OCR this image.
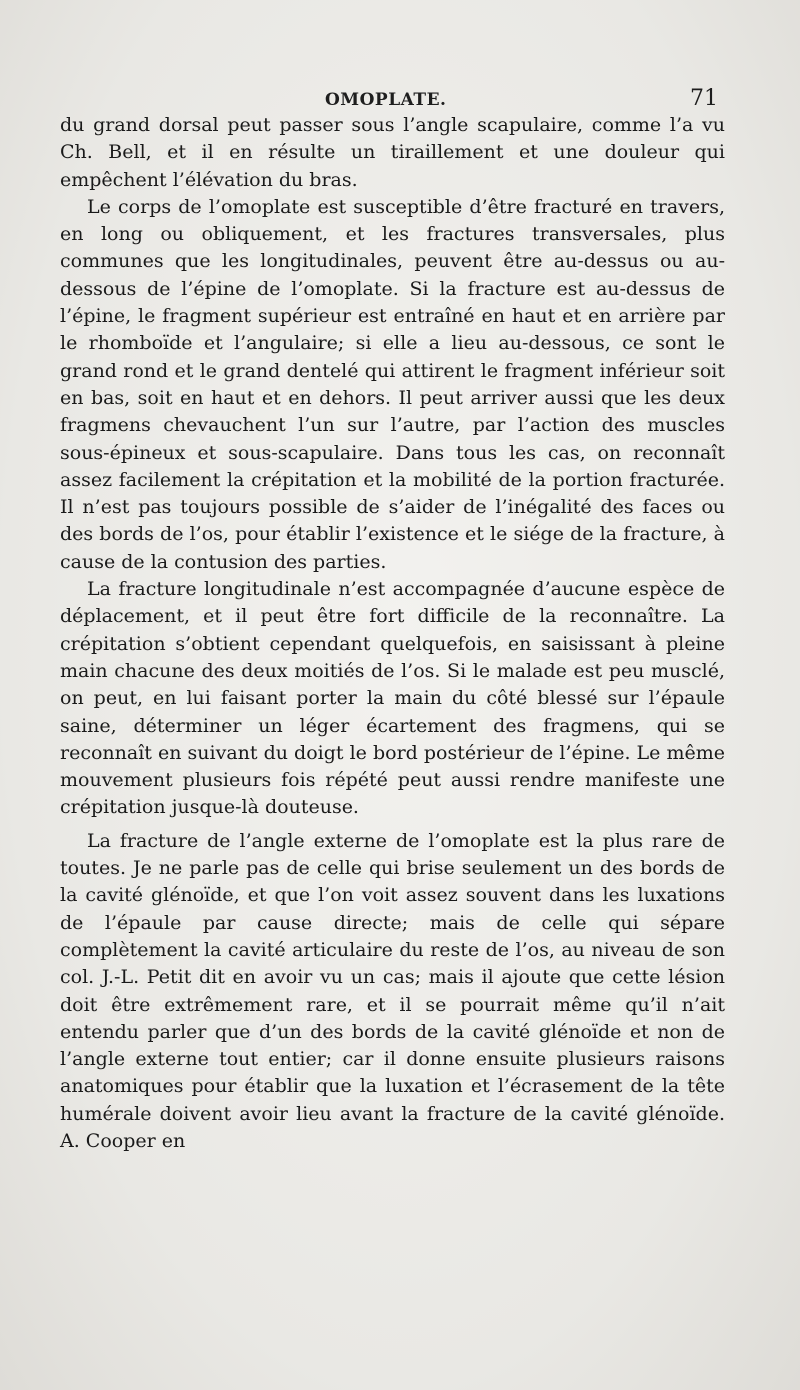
OMOPLATE.	71

du grand dorsal peut passer sous l’angle scapulaire, comme l’a vu Ch. Bell, et il en résulte un tiraillement et une douleur qui empêchent l’élévation du bras.

Le corps de l’omoplate est susceptible d’être fracturé en travers, en long ou obliquement, et les fractures transversales, plus communes que les longitudinales, peuvent être au-dessus ou au-dessous de l’épine de l’omoplate. Si la fracture est au-dessus de l’épine, le fragment supérieur est entraîné en haut et en arrière par le rhomboïde et l’angulaire; si elle a lieu au-dessous, ce sont le grand rond et le grand dentelé qui attirent le fragment inférieur soit en bas, soit en haut et en dehors. Il peut arriver aussi que les deux fragmens chevauchent l’un sur l’autre, par l’action des muscles sous-épineux et sous-scapulaire. Dans tous les cas, on reconnaît assez facilement la crépitation et la mobilité de la portion fracturée. Il n’est pas toujours possible de s’aider de l’inégalité des faces ou des bords de l’os, pour établir l’existence et le siége de la fracture, à cause de la contusion des parties.

La fracture longitudinale n’est accompagnée d’aucune espèce de déplacement, et il peut être fort difficile de la reconnaître. La crépitation s’obtient cependant quelquefois, en saisissant à pleine main chacune des deux moitiés de l’os. Si le malade est peu musclé, on peut, en lui faisant porter la main du côté blessé sur l’épaule saine, déterminer un léger écartement des fragmens, qui se reconnaît en suivant du doigt le bord postérieur de l’épine. Le même mouvement plusieurs fois répété peut aussi rendre manifeste une crépitation jusque-là douteuse.

La fracture de l’angle externe de l’omoplate est la plus rare de toutes. Je ne parle pas de celle qui brise seulement un des bords de la cavité glénoïde, et que l’on voit assez souvent dans les luxations de l’épaule par cause directe; mais de celle qui sépare complètement la cavité articulaire du reste de l’os, au niveau de son col. J.-L. Petit dit en avoir vu un cas; mais il ajoute que cette lésion doit être extrêmement rare, et il se pourrait même qu’il n’ait entendu parler que d’un des bords de la cavité glénoïde et non de l’angle externe tout entier; car il donne ensuite plusieurs raisons anatomiques pour établir que la luxation et l’écrasement de la tête humérale doivent avoir lieu avant la fracture de la cavité glénoïde. A. Cooper en
